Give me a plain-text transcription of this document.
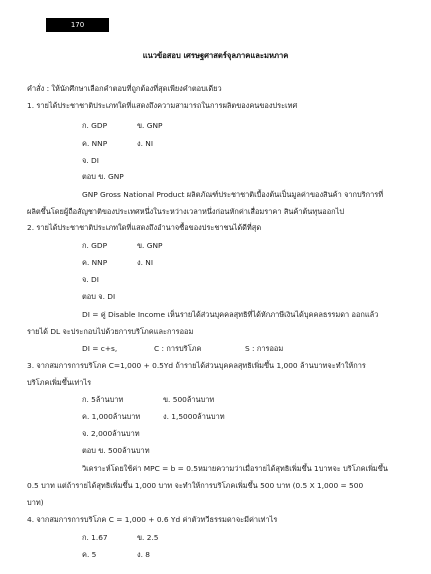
170
แนวข้อสอบ เศรษฐศาสตร์จุลภาคและมหภาค
คำสั่ง : ให้นักศึกษาเลือกคำตอบที่ถูกต้องที่สุดเพียงคำตอบเดียว
1. รายได้ประชาชาติประเภทใดที่แสดงถึงความสามารถในการผลิตของคนของประเทศ
ก. GDP	ข. GNP
ค. NNP	ง. NI
จ. DI
ตอบ ข. GNP
GNP Gross National Product ผลิตภัณฑ์ประชาชาติเบื้องต้นเป็นมูลค่าของสินค้า จากบริการที่
ผลิตขึ้นโดยผู้ถือสัญชาติของประเทศหนึ่งในระหว่างเวลาหนึ่งก่อนหักค่าเสื่อมราคา สินค้าต้นทุนออกไป
2. รายได้ประชาชาติประเภทใดที่แสดงถึงอำนาจซื้อของประชาชนได้ดีที่สุด
ก. GDP	ข. GNP
ค. NNP	ง. NI
จ. DI
ตอบ จ. DI
DI = คู่ Disable Income เห็นรายได้ส่วนบุคคลสุทธิที่ได้หักภาษีเงินได้บุคคลธรรมดา ออกแล้ว
รายได้ DL จะประกอบไปด้วยการบริโภคและการออม
DI = c+s,	C : การบริโภค	S : การออม
3. จากสมการการบริโภค C=1,000 + 0.5Yd ถ้ารายได้ส่วนบุคคลสุทธิเพิ่มขึ้น 1,000 ล้านบาทจะทำให้การ
บริโภคเพิ่มขึ้นเท่าไร
ก. 5ล้านบาท	ข. 500ล้านบาท
ค. 1,000ล้านบาท	ง. 1,5000ล้านบาท
จ. 2,000ล้านบาท
ตอบ ข. 500ล้านบาท
วิเคราะห์โดยใช้ค่า MPC = b = 0.5หมายความว่าเมื่อรายได้สุทธิเพิ่มขึ้น 1บาทจะ บริโภคเพิ่มขึ้น
0.5 บาท แต่ถ้ารายได้สุทธิเพิ่มขึ้น 1,000 บาท จะทำให้การบริโภคเพิ่มขึ้น 500 บาท (0.5 X 1,000 = 500
บาท)
4. จากสมการการบริโภค C = 1,000 + 0.6 Yd ค่าตัวทวีธรรมดาจะมีค่าเท่าไร
ก. 1.67	ข. 2.5
ค. 5	ง. 8
